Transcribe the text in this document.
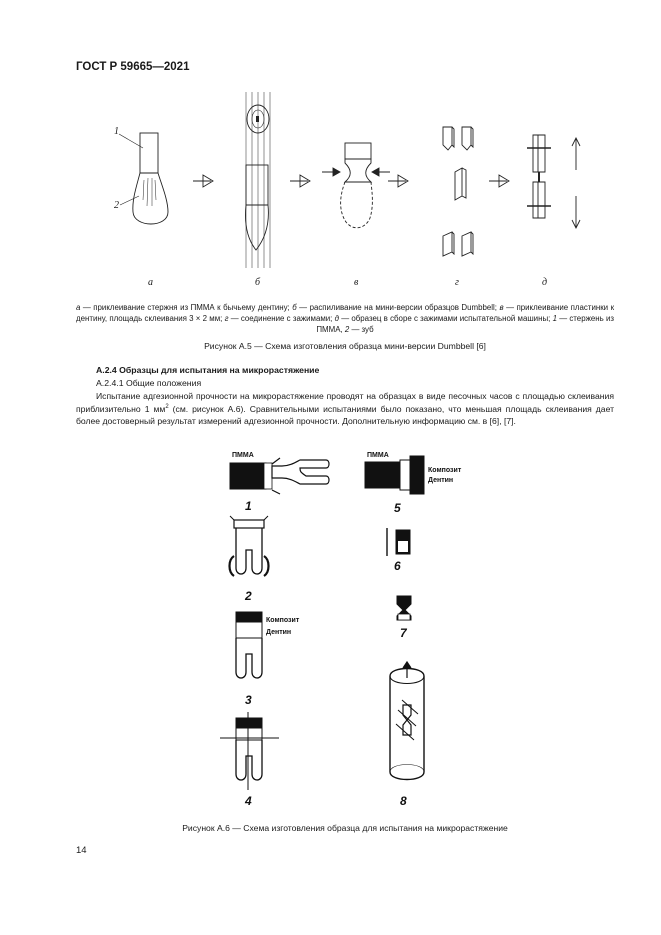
ГОСТ Р 59665—2021
1
2
а	б	в	г	д
а — приклеивание стержня из ПММА к бычьему дентину; б — распиливание на мини-версии образцов Dumbbell; в — приклеивание пластинки к дентину, площадь склеивания 3 × 2 мм; г — соединение с зажимами; д — образец в сборе с зажимами испытательной машины; 1 — стержень из ПММА, 2 — зуб
Рисунок А.5 — Схема изготовления образца мини-версии Dumbbell [6]
А.2.4 Образцы для испытания на микрорастяжение
А.2.4.1 Общие положения
Испытание адгезионной прочности на микрорастяжение проводят на образцах в виде песочных часов с площадью склеивания приблизительно 1 $мм^2$ (см. рисунок А.6). Сравнительными испытаниями было показано, что меньшая площадь склеивания дает более достоверный результат измерений адгезионной прочности. Дополнительную информацию см. в [6], [7].
ПММА	ПММА
Композит
Дентин
Композит
Дентин
1
2
3
4
5
6
7
8
Рисунок А.6 — Схема изготовления образца для испытания на микрорастяжение
14
